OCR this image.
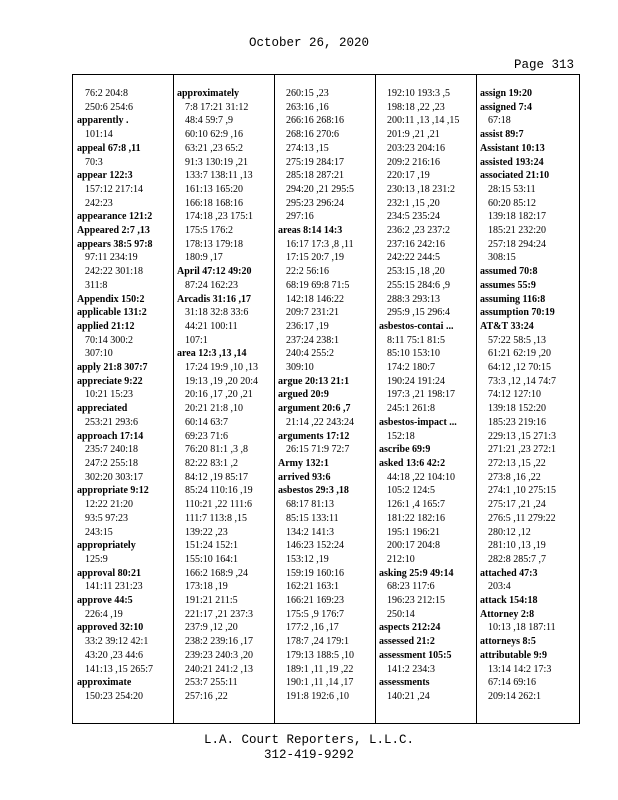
October 26, 2020
Page 313
76:2 204:8
250:6 254:6
apparently .
101:14
appeal 67:8 ,11
70:3
appear 122:3
157:12 217:14
242:23
appearance 121:2
Appeared 2:7 ,13
appears 38:5 97:8
97:11 234:19
242:22 301:18
311:8
Appendix 150:2
applicable 131:2
applied 21:12
70:14 300:2
307:10
apply 21:8 307:7
appreciate 9:22
10:21 15:23
appreciated
253:21 293:6
approach 17:14
235:7 240:18
247:2 255:18
302:20 303:17
appropriate 9:12
12:22 21:20
93:5 97:23
243:15
appropriately
125:9
approval 80:21
141:11 231:23
approve 44:5
226:4 ,19
approved 32:10
33:2 39:12 42:1
43:20 ,23 44:6
141:13 ,15 265:7
approximate
150:23 254:20
approximately
7:8 17:21 31:12
48:4 59:7 ,9
60:10 62:9 ,16
63:21 ,23 65:2
91:3 130:19 ,21
133:7 138:11 ,13
161:13 165:20
166:18 168:16
174:18 ,23 175:1
175:5 176:2
178:13 179:18
180:9 ,17
April 47:12 49:20
87:24 162:23
Arcadis 31:16 ,17
31:18 32:8 33:6
44:21 100:11
107:1
area 12:3 ,13 ,14
17:24 19:9 ,10 ,13
19:13 ,19 ,20 20:4
20:16 ,17 ,20 ,21
20:21 21:8 ,10
60:14 63:7
69:23 71:6
76:20 81:1 ,3 ,8
82:22 83:1 ,2
84:12 ,19 85:17
85:24 110:16 ,19
110:21 ,22 111:6
111:7 113:8 ,15
139:22 ,23
151:24 152:1
155:10 164:1
166:2 168:9 ,24
173:18 ,19
191:21 211:5
221:17 ,21 237:3
237:9 ,12 ,20
238:2 239:16 ,17
239:23 240:3 ,20
240:21 241:2 ,13
253:7 255:11
257:16 ,22
260:15 ,23
263:16 ,16
266:16 268:16
268:16 270:6
274:13 ,15
275:19 284:17
285:18 287:21
294:20 ,21 295:5
295:23 296:24
297:16
areas 8:14 14:3
16:17 17:3 ,8 ,11
17:15 20:7 ,19
22:2 56:16
68:19 69:8 71:5
142:18 146:22
209:7 231:21
236:17 ,19
237:24 238:1
240:4 255:2
309:10
argue 20:13 21:1
argued 20:9
argument 20:6 ,7
21:14 ,22 243:24
arguments 17:12
26:15 71:9 72:7
Army 132:1
arrived 93:6
asbestos 29:3 ,18
68:17 81:13
85:15 133:11
134:2 141:3
146:23 152:24
153:12 ,19
159:19 160:16
162:21 163:1
166:21 169:23
175:5 ,9 176:7
177:2 ,16 ,17
178:7 ,24 179:1
179:13 188:5 ,10
189:1 ,11 ,19 ,22
190:1 ,11 ,14 ,17
191:8 192:6 ,10
192:10 193:3 ,5
198:18 ,22 ,23
200:11 ,13 ,14 ,15
201:9 ,21 ,21
203:23 204:16
209:2 216:16
220:17 ,19
230:13 ,18 231:2
232:1 ,15 ,20
234:5 235:24
236:2 ,23 237:2
237:16 242:16
242:22 244:5
253:15 ,18 ,20
255:15 284:6 ,9
288:3 293:13
295:9 ,15 296:4
asbestos-contai ...
8:11 75:1 81:5
85:10 153:10
174:2 180:7
190:24 191:24
197:3 ,21 198:17
245:1 261:8
asbestos-impact ...
152:18
ascribe 69:9
asked 13:6 42:2
44:18 ,22 104:10
105:2 124:5
126:1 ,4 165:7
181:22 182:16
195:1 196:21
200:17 204:8
212:10
asking 25:9 49:14
68:23 117:6
196:23 212:15
250:14
aspects 212:24
assessed 21:2
assessment 105:5
141:2 234:3
assessments
140:21 ,24
assign 19:20
assigned 7:4
67:18
assist 89:7
Assistant 10:13
assisted 193:24
associated 21:10
28:15 53:11
60:20 85:12
139:18 182:17
185:21 232:20
257:18 294:24
308:15
assumed 70:8
assumes 55:9
assuming 116:8
assumption 70:19
AT&T 33:24
57:22 58:5 ,13
61:21 62:19 ,20
64:12 ,12 70:15
73:3 ,12 ,14 74:7
74:12 127:10
139:18 152:20
185:23 219:16
229:13 ,15 271:3
271:21 ,23 272:1
272:13 ,15 ,22
273:8 ,16 ,22
274:1 ,10 275:15
275:17 ,21 ,24
276:5 ,11 279:22
280:12 ,12
281:10 ,13 ,19
282:8 285:7 ,7
attached 47:3
203:4
attack 154:18
Attorney 2:8
10:13 ,18 187:11
attorneys 8:5
attributable 9:9
13:14 14:2 17:3
67:14 69:16
209:14 262:1
L.A. Court Reporters, L.L.C.
312-419-9292
